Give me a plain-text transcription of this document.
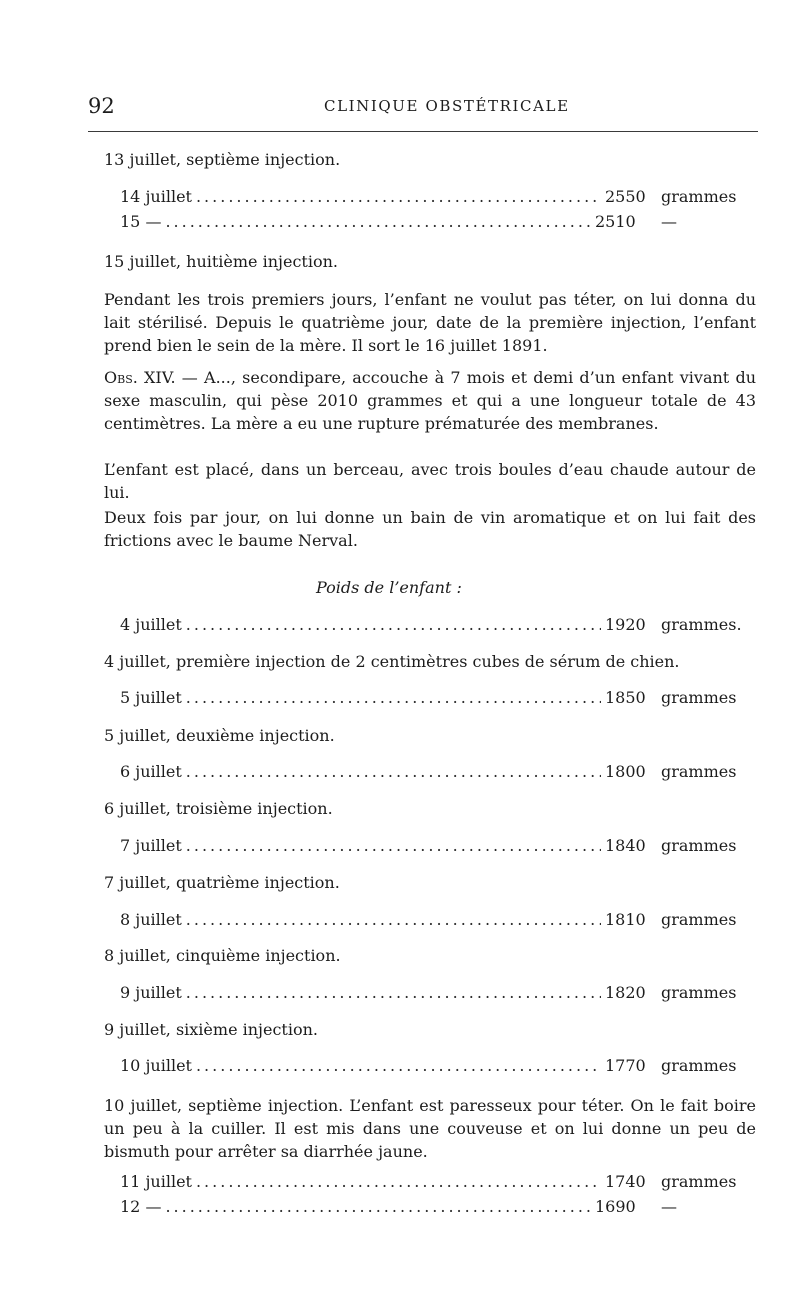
92	CLINIQUE OBSTÉTRICALE
13 juillet, septième injection.
14 juillet .....	2550 grammes
15 — .....	2510	—
15 juillet, huitième injection.
Pendant les trois premiers jours, l’enfant ne voulut pas téter, on lui donna du lait stérilisé. Depuis le quatrième jour, date de la première injection, l’enfant prend bien le sein de la mère. Il sort le 16 juillet 1891.
Obs. XIV. — A..., secondipare, accouche à 7 mois et demi d’un enfant vivant du sexe masculin, qui pèse 2010 grammes et qui a une longueur totale de 43 centimètres. La mère a eu une rupture prématurée des membranes.
L’enfant est placé, dans un berceau, avec trois boules d’eau chaude autour de lui.
Deux fois par jour, on lui donne un bain de vin aromatique et on lui fait des frictions avec le baume Nerval.
Poids de l’enfant :
4 juillet .....	1920 grammes.
4 juillet, première injection de 2 centimètres cubes de sérum de chien.
5 juillet .....	1850 grammes
5 juillet, deuxième injection.
6 juillet .....	1800 grammes
6 juillet, troisième injection.
7 juillet .....	1840 grammes
7 juillet, quatrième injection.
8 juillet .....	1810 grammes
8 juillet, cinquième injection.
9 juillet .....	1820 grammes
9 juillet, sixième injection.
10 juillet .....	1770 grammes
10 juillet, septième injection. L’enfant est paresseux pour téter. On le fait boire un peu à la cuiller. Il est mis dans une couveuse et on lui donne un peu de bismuth pour arrêter sa diarrhée jaune.
11 juillet .....	1740 grammes
12 — .....	1690	—
